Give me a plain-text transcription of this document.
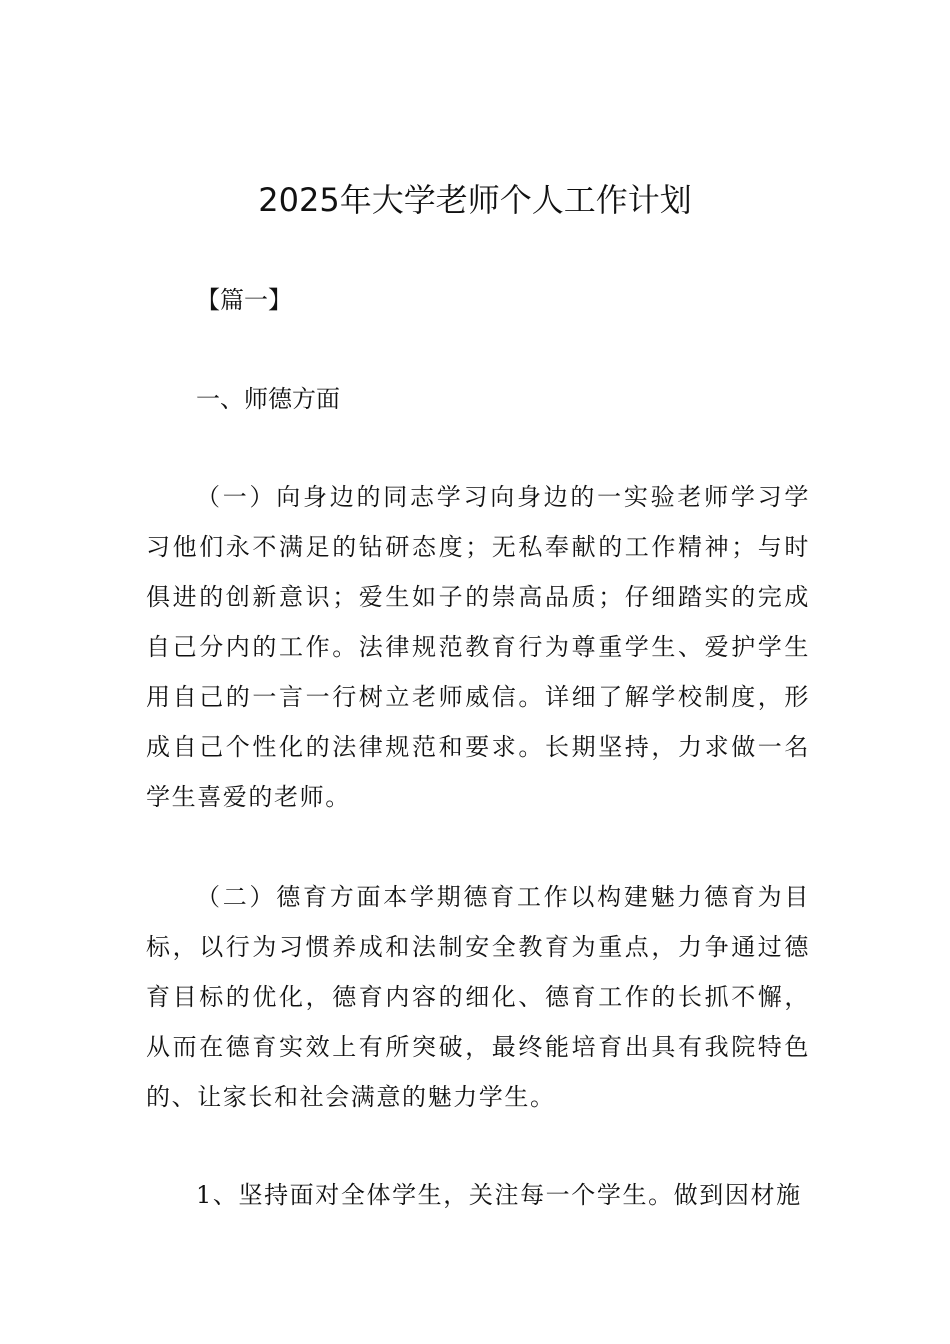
2025年大学老师个人工作计划

【篇一】

一、师德方面

（一）向身边的同志学习向身边的一实验老师学习学习他们永不满足的钻研态度；无私奉献的工作精神；与时俱进的创新意识；爱生如子的崇高品质；仔细踏实的完成自己分内的工作。法律规范教育行为尊重学生、爱护学生用自己的一言一行树立老师威信。详细了解学校制度，形成自己个性化的法律规范和要求。长期坚持，力求做一名学生喜爱的老师。

（二）德育方面本学期德育工作以构建魅力德育为目标，以行为习惯养成和法制安全教育为重点，力争通过德育目标的优化，德育内容的细化、德育工作的长抓不懈，从而在德育实效上有所突破，最终能培育出具有我院特色的、让家长和社会满意的魅力学生。

1、坚持面对全体学生，关注每一个学生。做到因材施
